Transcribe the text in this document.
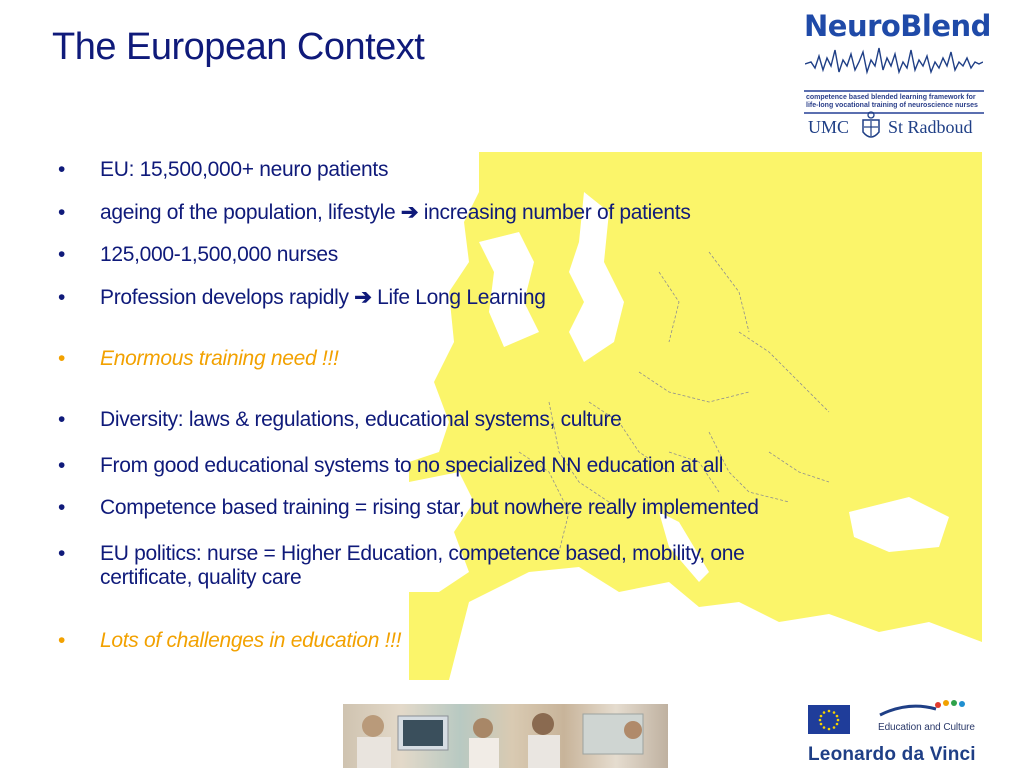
The European Context	NeuroBlend
competence based blended learning framework for
life-long vocational training of neuroscience nurses
UMC St Radboud
•	EU: 15,500,000+ neuro patients
•	ageing of the population, lifestyle ➔ increasing number of patients
•	125,000-1,500,000 nurses
•	Profession develops rapidly ➔ Life Long Learning
•	Enormous training need !!!
•	Diversity: laws & regulations, educational systems, culture
•	From good educational systems to no specialized NN education at all
•	Competence based training = rising star, but nowhere really implemented
•	EU politics: nurse = Higher Education, competence based, mobility, one
certificate, quality care
•	Lots of challenges in education !!!
Education and Culture
Leonardo da Vinci
